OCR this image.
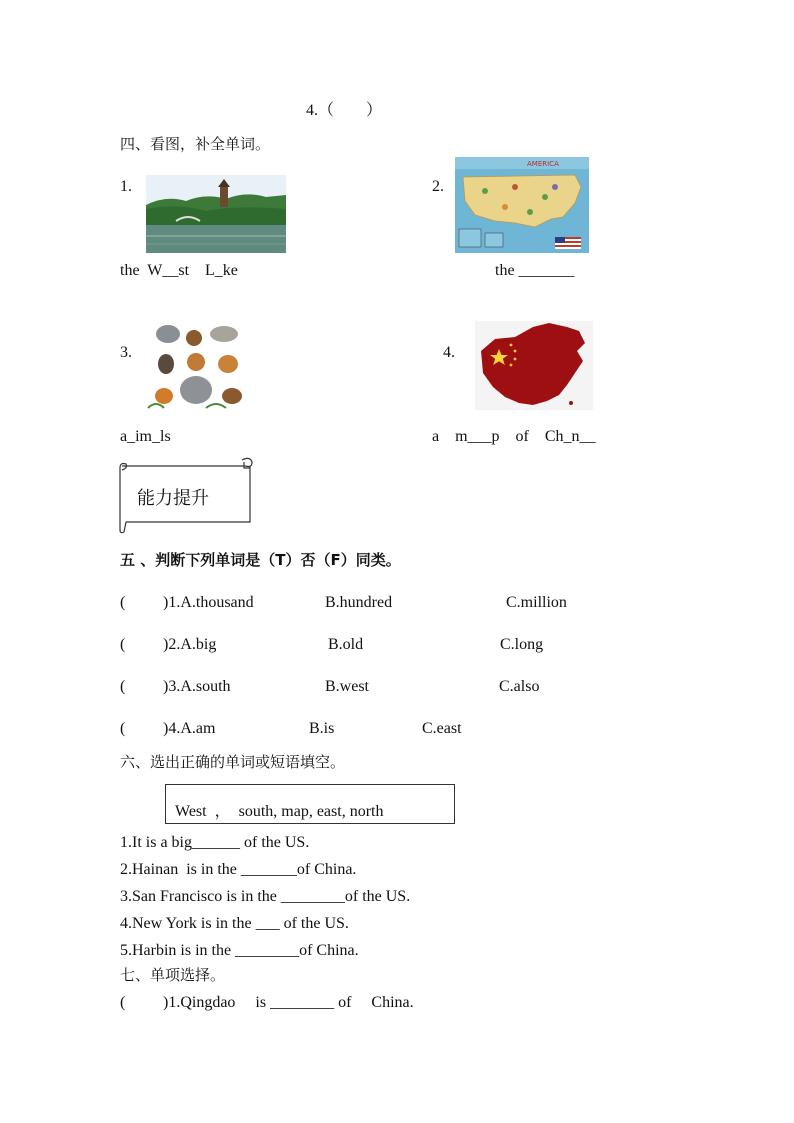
4.（        ）
四、看图，补全单词。
1.
the  W__st    L_ke
2.
AMERICA
the _______
3.
a_im_ls
4.
a    m___p    of    Ch_n__
能力提升
五 、判断下列单词是（T）否（F）同类。
( )1.A.thousand	B.hundred	C.million
( )2.A.big	B.old	C.long
( )3.A.south	B.west	C.also
( )4.A.am	B.is	C.east
六、选出正确的单词或短语填空。
West  ，  south, map, east, north
1.It is a big______ of the US.
2.Hainan  is in the _______of China.
3.San Francisco is in the ________of the US.
4.New York is in the ___ of the US.
5.Harbin is in the ________of China.
七、单项选择。
( )1.Qingdao     is ________ of     China.
